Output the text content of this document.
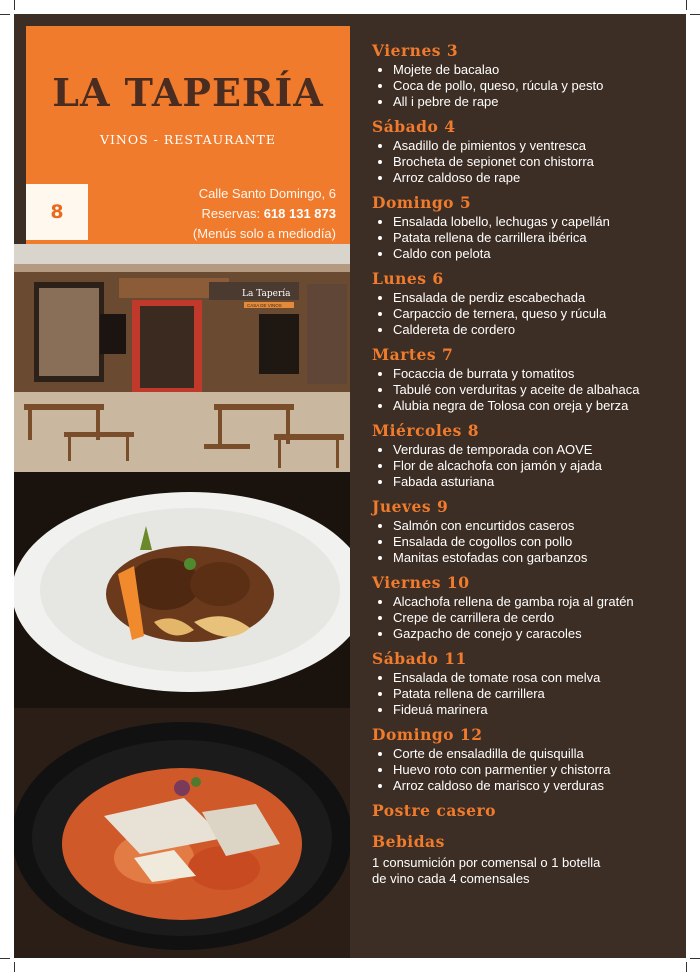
LA TAPERÍA
VINOS - RESTAURANTE
Calle Santo Domingo, 6
Reservas: 618 131 873
(Menús solo a mediodía)
8
La Tapería
CASA DE VINOS
Viernes 3
Mojete de bacalao
Coca de pollo, queso, rúcula y pesto
All i pebre de rape
Sábado 4
Asadillo de pimientos y ventresca
Brocheta de sepionet con chistorra
Arroz caldoso de rape
Domingo 5
Ensalada lobello, lechugas y capellán
Patata rellena de carrillera ibérica
Caldo con pelota
Lunes 6
Ensalada de perdiz escabechada
Carpaccio de ternera, queso y rúcula
Caldereta de cordero
Martes 7
Focaccia de burrata y tomatitos
Tabulé con verduritas y aceite de albahaca
Alubia negra de Tolosa con oreja y berza
Miércoles 8
Verduras de temporada con AOVE
Flor de alcachofa con jamón y ajada
Fabada asturiana
Jueves 9
Salmón con encurtidos caseros
Ensalada de cogollos con pollo
Manitas estofadas con garbanzos
Viernes 10
Alcachofa rellena de gamba roja al gratén
Crepe de carrillera de cerdo
Gazpacho de conejo y caracoles
Sábado 11
Ensalada de tomate rosa con melva
Patata rellena de carrillera
Fideuá marinera
Domingo 12
Corte de ensaladilla de quisquilla
Huevo roto con parmentier y chistorra
Arroz caldoso de marisco y verduras
Postre casero
Bebidas
1 consumición por comensal o 1 botella
de vino cada 4 comensales
